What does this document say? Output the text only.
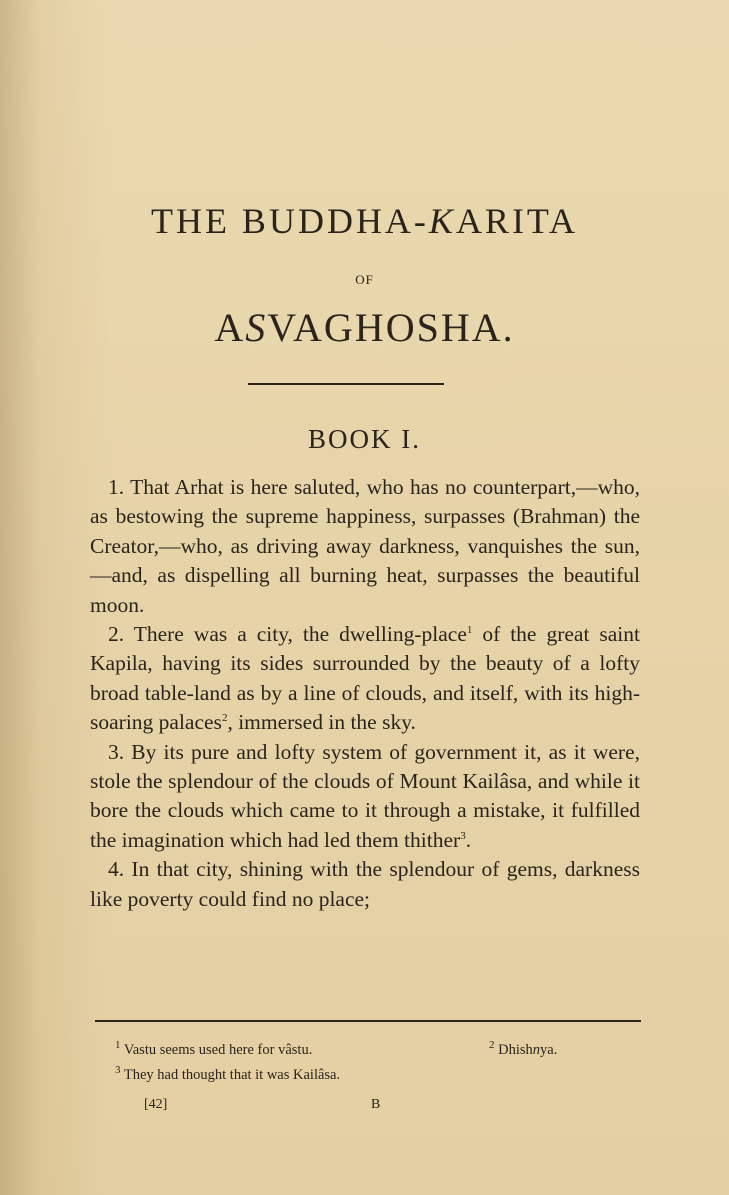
THE BUDDHA-KARITA
OF
ASVAGHOSHA.
BOOK I.

1. That Arhat is here saluted, who has no counterpart,—who, as bestowing the supreme happiness, surpasses (Brahman) the Creator,—who, as driving away darkness, vanquishes the sun,—and, as dispelling all burning heat, surpasses the beautiful moon.

2. There was a city, the dwelling-place$^1$ of the great saint Kapila, having its sides surrounded by the beauty of a lofty broad table-land as by a line of clouds, and itself, with its high-soaring palaces$^2$, immersed in the sky.

3. By its pure and lofty system of government it, as it were, stole the splendour of the clouds of Mount Kailâsa, and while it bore the clouds which came to it through a mistake, it fulfilled the imagination which had led them thither$^3$.

4. In that city, shining with the splendour of gems, darkness like poverty could find no place;

$^1$ Vastu seems used here for vâstu.	$^2$ Dhishnya.
$^3$ They had thought that it was Kailâsa.
[42]	B
